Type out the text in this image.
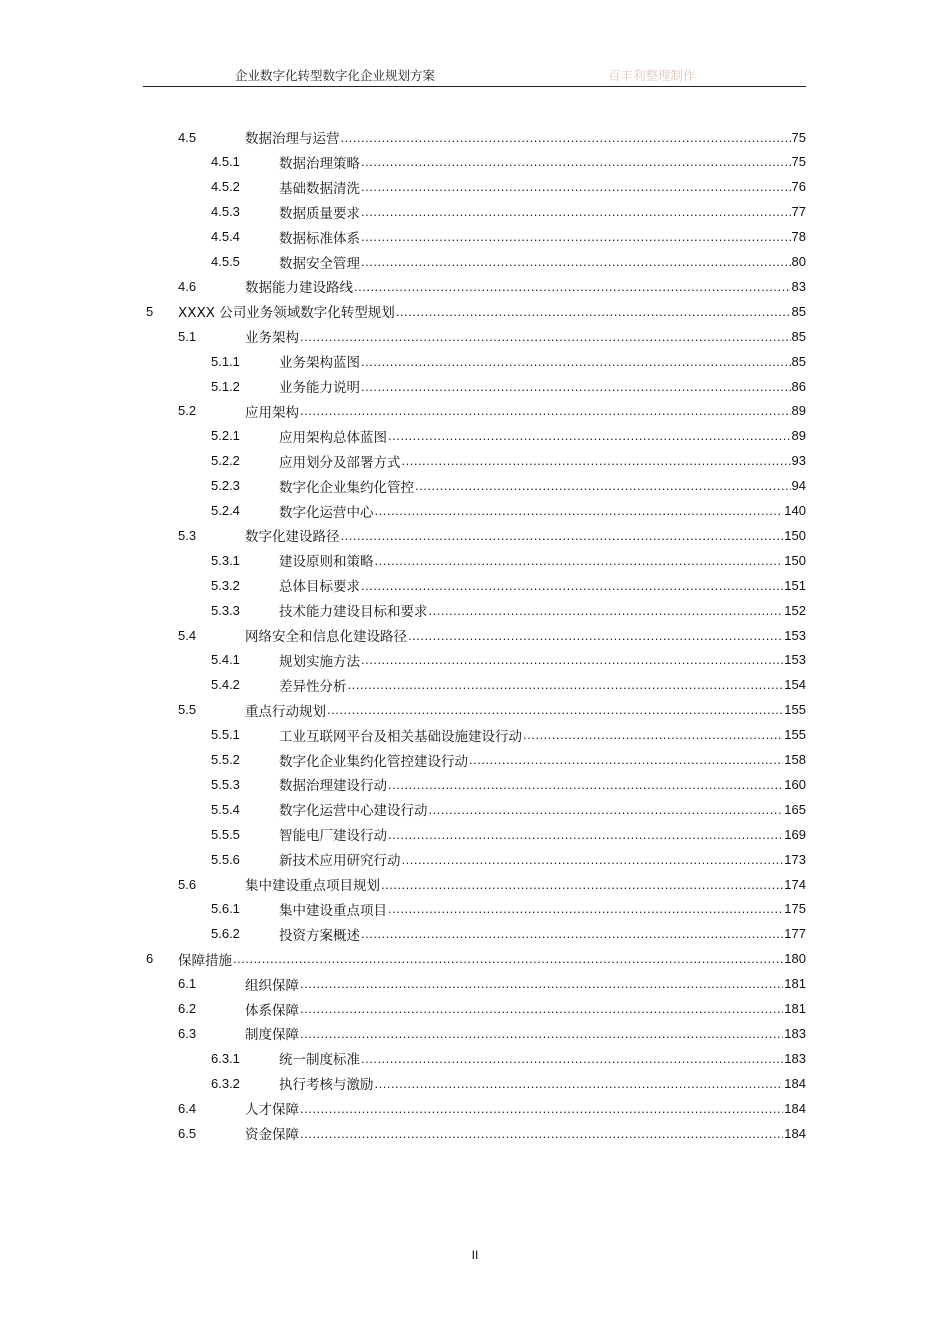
企业数字化转型数字化企业规划方案	百丰利整理制作
4.5	数据治理与运营 .....	75
4.5.1	数据治理策略 .....	75
4.5.2	基础数据清洗 .....	76
4.5.3	数据质量要求 .....	77
4.5.4	数据标准体系 .....	78
4.5.5	数据安全管理 .....	80
4.6	数据能力建设路线 .....	83
5	XXXX 公司业务领域数字化转型规划 .....	85
5.1	业务架构 .....	85
5.1.1	业务架构蓝图 .....	85
5.1.2	业务能力说明 .....	86
5.2	应用架构 .....	89
5.2.1	应用架构总体蓝图 .....	89
5.2.2	应用划分及部署方式 .....	93
5.2.3	数字化企业集约化管控 .....	94
5.2.4	数字化运营中心 .....	140
5.3	数字化建设路径 .....	150
5.3.1	建设原则和策略 .....	150
5.3.2	总体目标要求 .....	151
5.3.3	技术能力建设目标和要求 .....	152
5.4	网络安全和信息化建设路径 .....	153
5.4.1	规划实施方法 .....	153
5.4.2	差异性分析 .....	154
5.5	重点行动规划 .....	155
5.5.1	工业互联网平台及相关基础设施建设行动 .....	155
5.5.2	数字化企业集约化管控建设行动 .....	158
5.5.3	数据治理建设行动 .....	160
5.5.4	数字化运营中心建设行动 .....	165
5.5.5	智能电厂建设行动 .....	169
5.5.6	新技术应用研究行动 .....	173
5.6	集中建设重点项目规划 .....	174
5.6.1	集中建设重点项目 .....	175
5.6.2	投资方案概述 .....	177
6	保障措施 .....	180
6.1	组织保障 .....	181
6.2	体系保障 .....	181
6.3	制度保障 .....	183
6.3.1	统一制度标准 .....	183
6.3.2	执行考核与激励 .....	184
6.4	人才保障 .....	184
6.5	资金保障 .....	184
II
